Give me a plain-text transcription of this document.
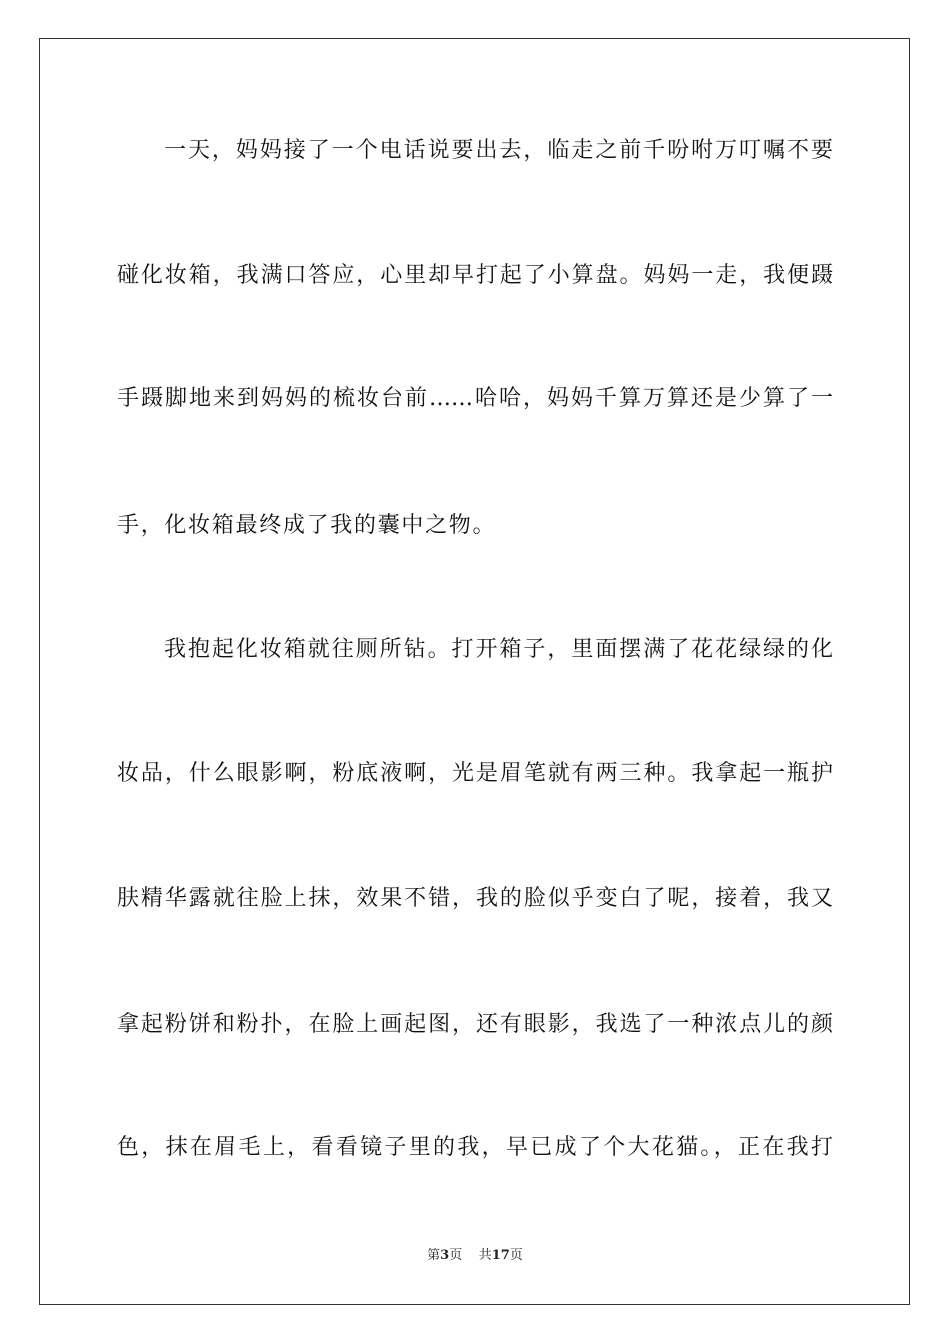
一天，妈妈接了一个电话说要出去，临走之前千吩咐万叮嘱不要
碰化妆箱，我满口答应，心里却早打起了小算盘。妈妈一走，我便蹑
手蹑脚地来到妈妈的梳妆台前……哈哈，妈妈千算万算还是少算了一
手，化妆箱最终成了我的囊中之物。
我抱起化妆箱就往厕所钻。打开箱子，里面摆满了花花绿绿的化
妆品，什么眼影啊，粉底液啊，光是眉笔就有两三种。我拿起一瓶护
肤精华露就往脸上抹，效果不错，我的脸似乎变白了呢，接着，我又
拿起粉饼和粉扑，在脸上画起图，还有眼影，我选了一种浓点儿的颜
色，抹在眉毛上，看看镜子里的我，早已成了个大花猫。，正在我打
第3页 共17页
